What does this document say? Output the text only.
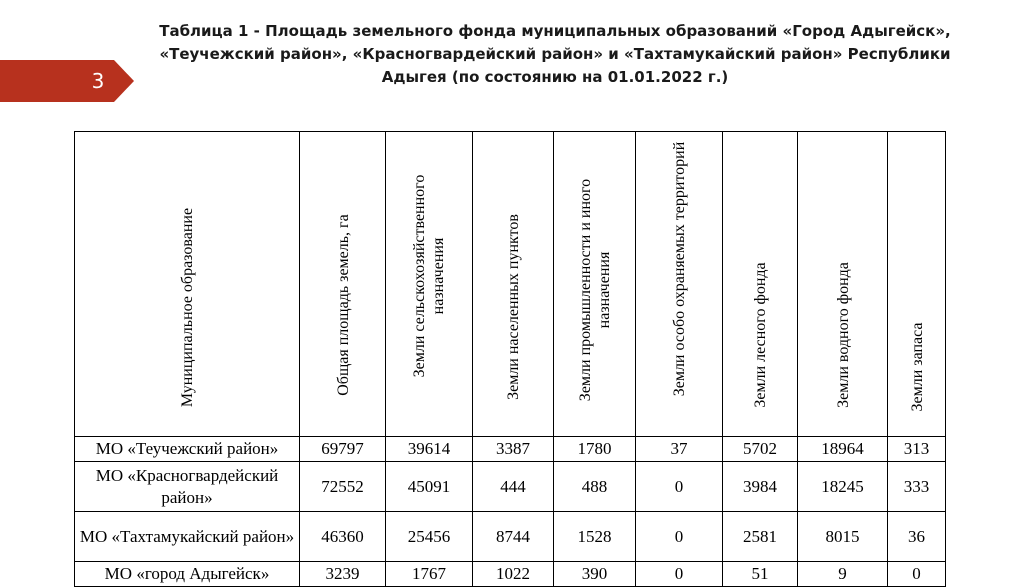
3
Таблица 1 - Площадь земельного фонда муниципальных образований «Город Адыгейск»,
«Теучежский район», «Красногвардейский район» и «Тахтамукайский район» Республики
Адыгея (по состоянию на 01.01.2022 г.)
Муниципальное образование	Общая площадь земель, га	Земли сельскохозяйственного назначения	Земли населенных пунктов	Земли промышленности и иного назначения	Земли особо охраняемых территорий	Земли лесного фонда	Земли водного фонда	Земли запаса

МО «Теучежский район»	69797	39614	3387	1780	37	5702	18964	313
МО «Красногвардейский район»	72552	45091	444	488	0	3984	18245	333
МО «Тахтамукайский район»	46360	25456	8744	1528	0	2581	8015	36
МО «город Адыгейск»	3239	1767	1022	390	0	51	9	0
